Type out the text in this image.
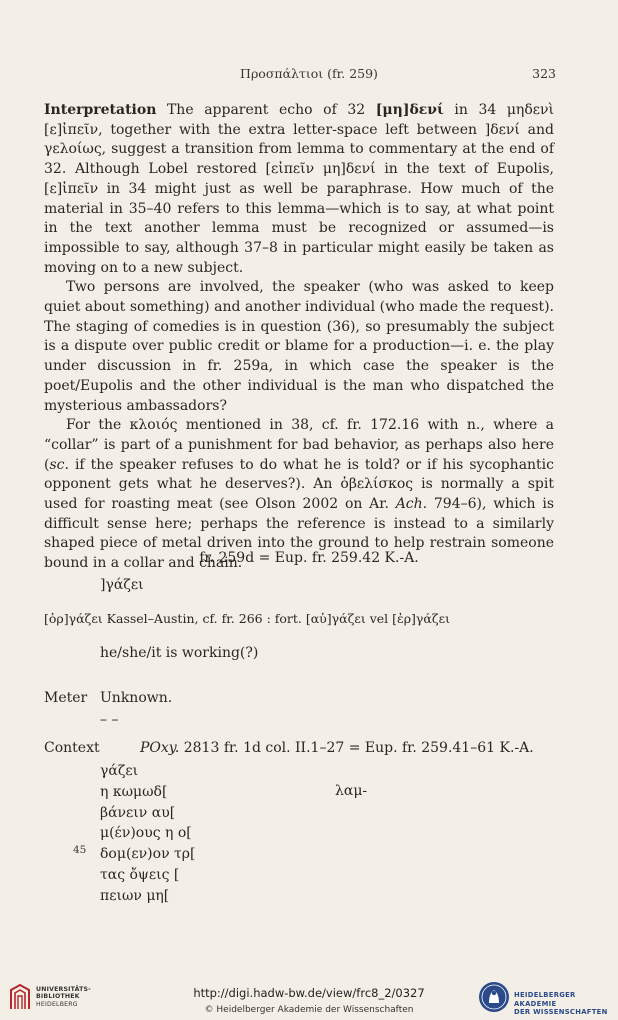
Προσπάλτιοι (fr. 259)	323

Interpretation The apparent echo of 32 [μη]δενί in 34 μηδενὶ [ε]ἰπεῖν, together with the extra letter-space left between ]δενί and γελοίως, suggest a transition from lemma to commentary at the end of 32. Although Lobel restored [εἰπεῖν μη]δενί in the text of Eupolis, [ε]ἰπεῖν in 34 might just as well be paraphrase. How much of the material in 35–40 refers to this lemma—which is to say, at what point in the text another lemma must be recognized or assumed—is impossible to say, although 37–8 in particular might easily be taken as moving on to a new subject.

Two persons are involved, the speaker (who was asked to keep quiet about something) and another individual (who made the request). The staging of comedies is in question (36), so presumably the subject is a dispute over public credit or blame for a production—i. e. the play under discussion in fr. 259a, in which case the speaker is the poet/Eupolis and the other individual is the man who dispatched the mysterious ambassadors?

For the κλοιός mentioned in 38, cf. fr. 172.16 with n., where a “collar” is part of a punishment for bad behavior, as perhaps also here (sc. if the speaker refuses to do what he is told? or if his sycophantic opponent gets what he deserves?). An ὀβελίσκος is normally a spit used for roasting meat (see Olson 2002 on Ar. Ach. 794–6), which is difficult sense here; perhaps the reference is instead to a similarly shaped piece of metal driven into the ground to help restrain someone bound in a collar and chain.

fr. 259d = Eup. fr. 259.42 K.-A.
]γάζει
[ὀρ]γάζει Kassel–Austin, cf. fr. 266 : fort. [αὐ]γάζει vel [ἐρ]γάζει
he/she/it is working(?)
Meter Unknown.
– –
Context	POxy. 2813 fr. 1d col. II.1–27 = Eup. fr. 259.41–61 K.-A.
γάζει
η κωμωδ[
βάνειν αυ[
μ(έν)ους η ο[
δομ(εν)ον τρ[
τας ὄψεις [
πειων μη[
λαμ-
45
UNIVERSITÄTS-
BIBLIOTHEK
HEIDELBERG
http://digi.hadw-bw.de/view/frc8_2/0327
© Heidelberger Akademie der Wissenschaften
HEIDELBERGER AKADEMIE
DER WISSENSCHAFTEN
